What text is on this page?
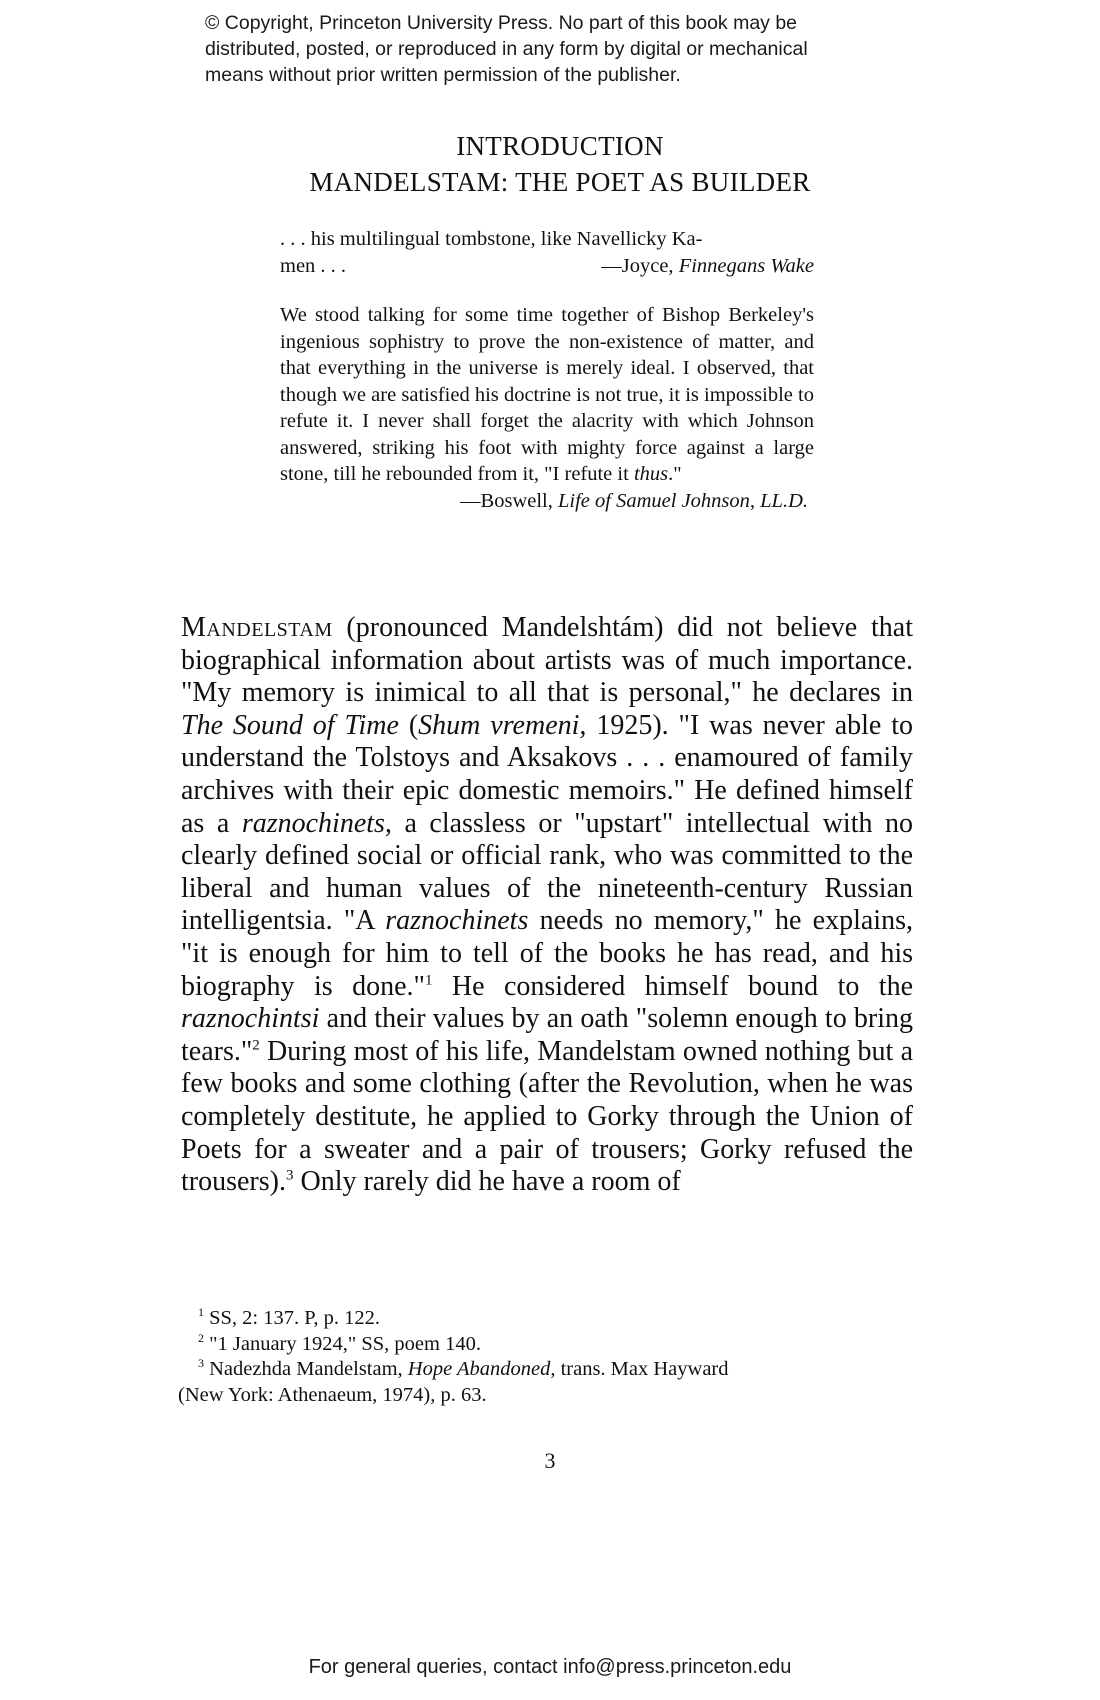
© Copyright, Princeton University Press. No part of this book may be
distributed, posted, or reproduced in any form by digital or mechanical
means without prior written permission of the publisher.
INTRODUCTION
MANDELSTAM: THE POET AS BUILDER
. . . his multilingual tombstone, like Navellicky Ka-
men . . .	—Joyce, Finnegans Wake
We stood talking for some time together of Bishop Berkeley's ingenious sophistry to prove the non-existence of matter, and that everything in the universe is merely ideal. I observed, that though we are satisfied his doctrine is not true, it is impossible to refute it. I never shall forget the alacrity with which Johnson answered, striking his foot with mighty force against a large stone, till he rebounded from it, "I refute it thus."
—Boswell, Life of Samuel Johnson, LL.D.

Mandelstam (pronounced Mandelshtám) did not believe that biographical information about artists was of much importance. "My memory is inimical to all that is personal," he declares in The Sound of Time (Shum vremeni, 1925). "I was never able to understand the Tolstoys and Aksakovs . . . enamoured of family archives with their epic domestic memoirs." He defined himself as a raznochinets, a classless or "upstart" intellectual with no clearly defined social or official rank, who was committed to the liberal and human values of the nineteenth-century Russian intelligentsia. "A raznochinets needs no memory," he explains, "it is enough for him to tell of the books he has read, and his biography is done."$^1$ He considered himself bound to the raznochintsi and their values by an oath "solemn enough to bring tears."$^2$ During most of his life, Mandelstam owned nothing but a few books and some clothing (after the Revolution, when he was completely destitute, he applied to Gorky through the Union of Poets for a sweater and a pair of trousers; Gorky refused the trousers).$^3$ Only rarely did he have a room of

$^1$ SS, 2: 137. P, p. 122.
$^2$ "1 January 1924," SS, poem 140.
$^3$ Nadezhda Mandelstam, Hope Abandoned, trans. Max Hayward
(New York: Athenaeum, 1974), p. 63.
3
For general queries, contact info@press.princeton.edu
